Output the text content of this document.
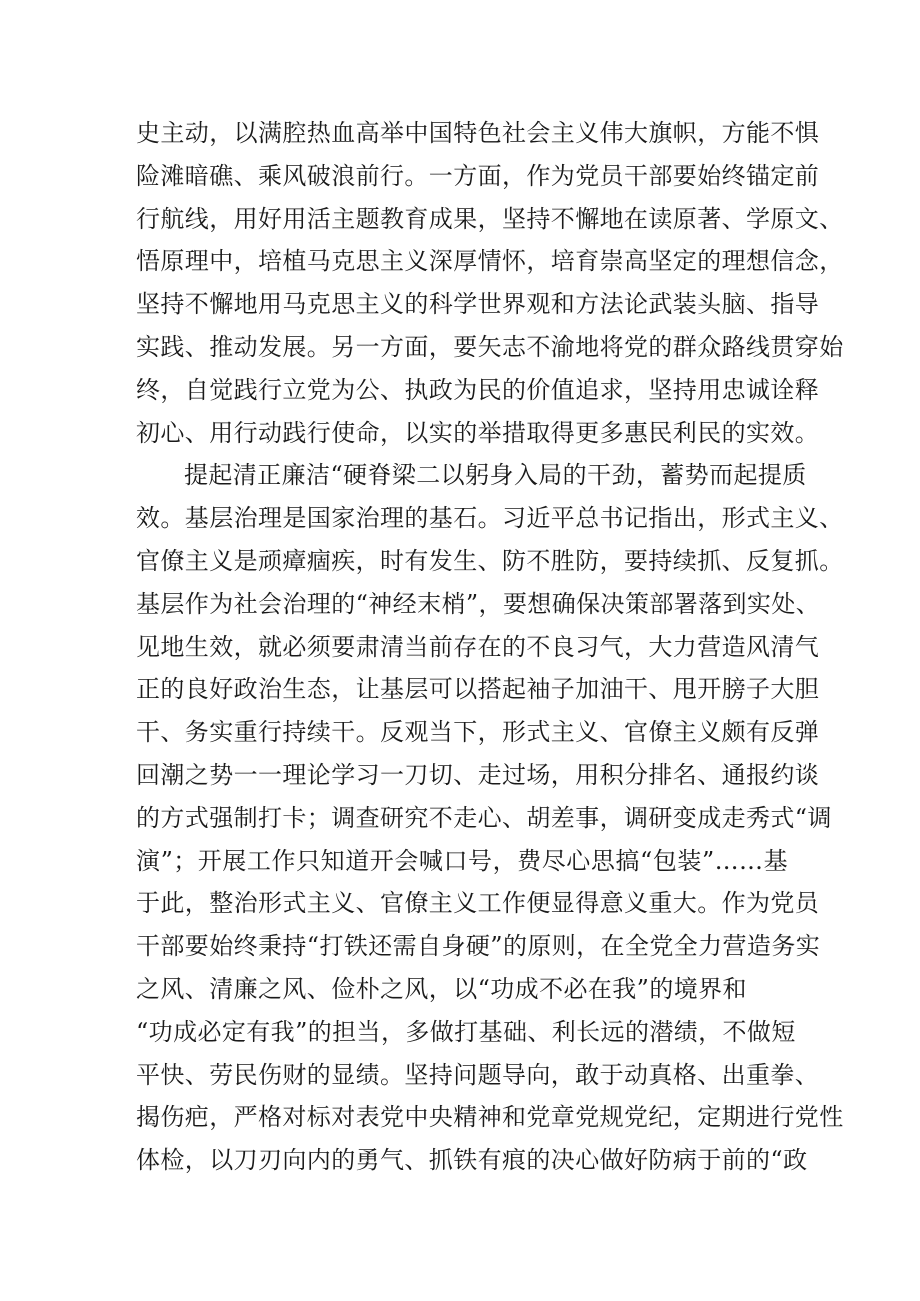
史主动，以满腔热血高举中国特色社会主义伟大旗帜，方能不惧
险滩暗礁、乘风破浪前行。一方面，作为党员干部要始终锚定前
行航线，用好用活主题教育成果，坚持不懈地在读原著、学原文、
悟原理中，培植马克思主义深厚情怀，培育崇高坚定的理想信念，
坚持不懈地用马克思主义的科学世界观和方法论武装头脑、指导
实践、推动发展。另一方面，要矢志不渝地将党的群众路线贯穿始
终，自觉践行立党为公、执政为民的价值追求，坚持用忠诚诠释
初心、用行动践行使命，以实的举措取得更多惠民利民的实效。
提起清正廉洁“硬脊梁二以躬身入局的干劲，蓄势而起提质
效。基层治理是国家治理的基石。习近平总书记指出，形式主义、
官僚主义是顽瘴痼疾，时有发生、防不胜防，要持续抓、反复抓。
基层作为社会治理的“神经末梢”，要想确保决策部署落到实处、
见地生效，就必须要肃清当前存在的不良习气，大力营造风清气
正的良好政治生态，让基层可以搭起袖子加油干、甩开膀子大胆
干、务实重行持续干。反观当下，形式主义、官僚主义颇有反弹
回潮之势一一理论学习一刀切、走过场，用积分排名、通报约谈
的方式强制打卡；调查研究不走心、胡差事，调研变成走秀式“调
演”；开展工作只知道开会喊口号，费尽心思搞“包装”……基
于此，整治形式主义、官僚主义工作便显得意义重大。作为党员
干部要始终秉持“打铁还需自身硬”的原则，在全党全力营造务实
之风、清廉之风、俭朴之风，以“功成不必在我”的境界和
“功成必定有我”的担当，多做打基础、利长远的潜绩，不做短
平快、劳民伤财的显绩。坚持问题导向，敢于动真格、出重拳、
揭伤疤，严格对标对表党中央精神和党章党规党纪，定期进行党性
体检，以刀刃向内的勇气、抓铁有痕的决心做好防病于前的“政
